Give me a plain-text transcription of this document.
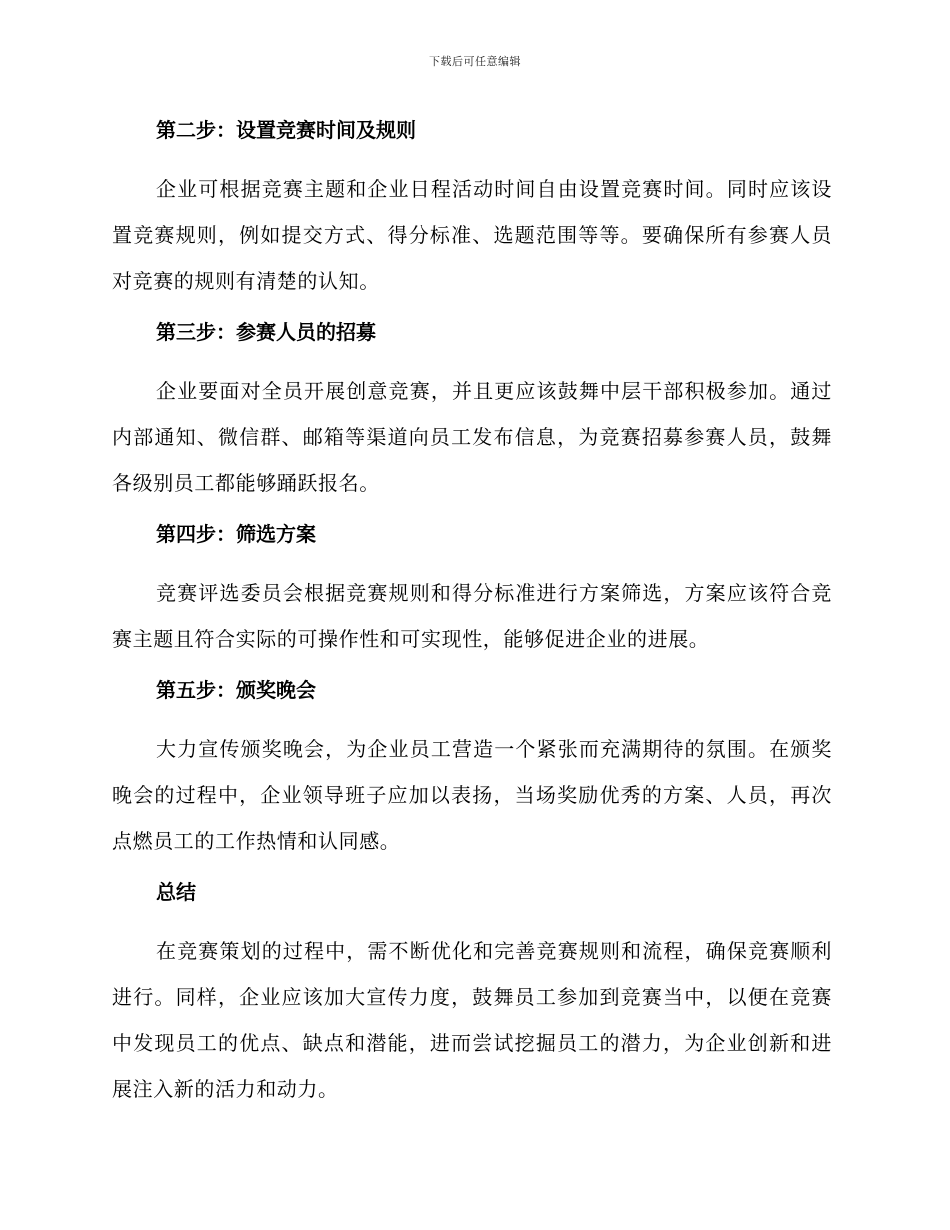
下载后可任意编辑

第二步：设置竞赛时间及规则

企业可根据竞赛主题和企业日程活动时间自由设置竞赛时间。同时应该设置竞赛规则，例如提交方式、得分标准、选题范围等等。要确保所有参赛人员对竞赛的规则有清楚的认知。

第三步：参赛人员的招募

企业要面对全员开展创意竞赛，并且更应该鼓舞中层干部积极参加。通过内部通知、微信群、邮箱等渠道向员工发布信息，为竞赛招募参赛人员，鼓舞各级别员工都能够踊跃报名。

第四步：筛选方案

竞赛评选委员会根据竞赛规则和得分标准进行方案筛选，方案应该符合竞赛主题且符合实际的可操作性和可实现性，能够促进企业的进展。

第五步：颁奖晚会

大力宣传颁奖晚会，为企业员工营造一个紧张而充满期待的氛围。在颁奖晚会的过程中，企业领导班子应加以表扬，当场奖励优秀的方案、人员，再次点燃员工的工作热情和认同感。

总结

在竞赛策划的过程中，需不断优化和完善竞赛规则和流程，确保竞赛顺利进行。同样，企业应该加大宣传力度，鼓舞员工参加到竞赛当中，以便在竞赛中发现员工的优点、缺点和潜能，进而尝试挖掘员工的潜力，为企业创新和进展注入新的活力和动力。
